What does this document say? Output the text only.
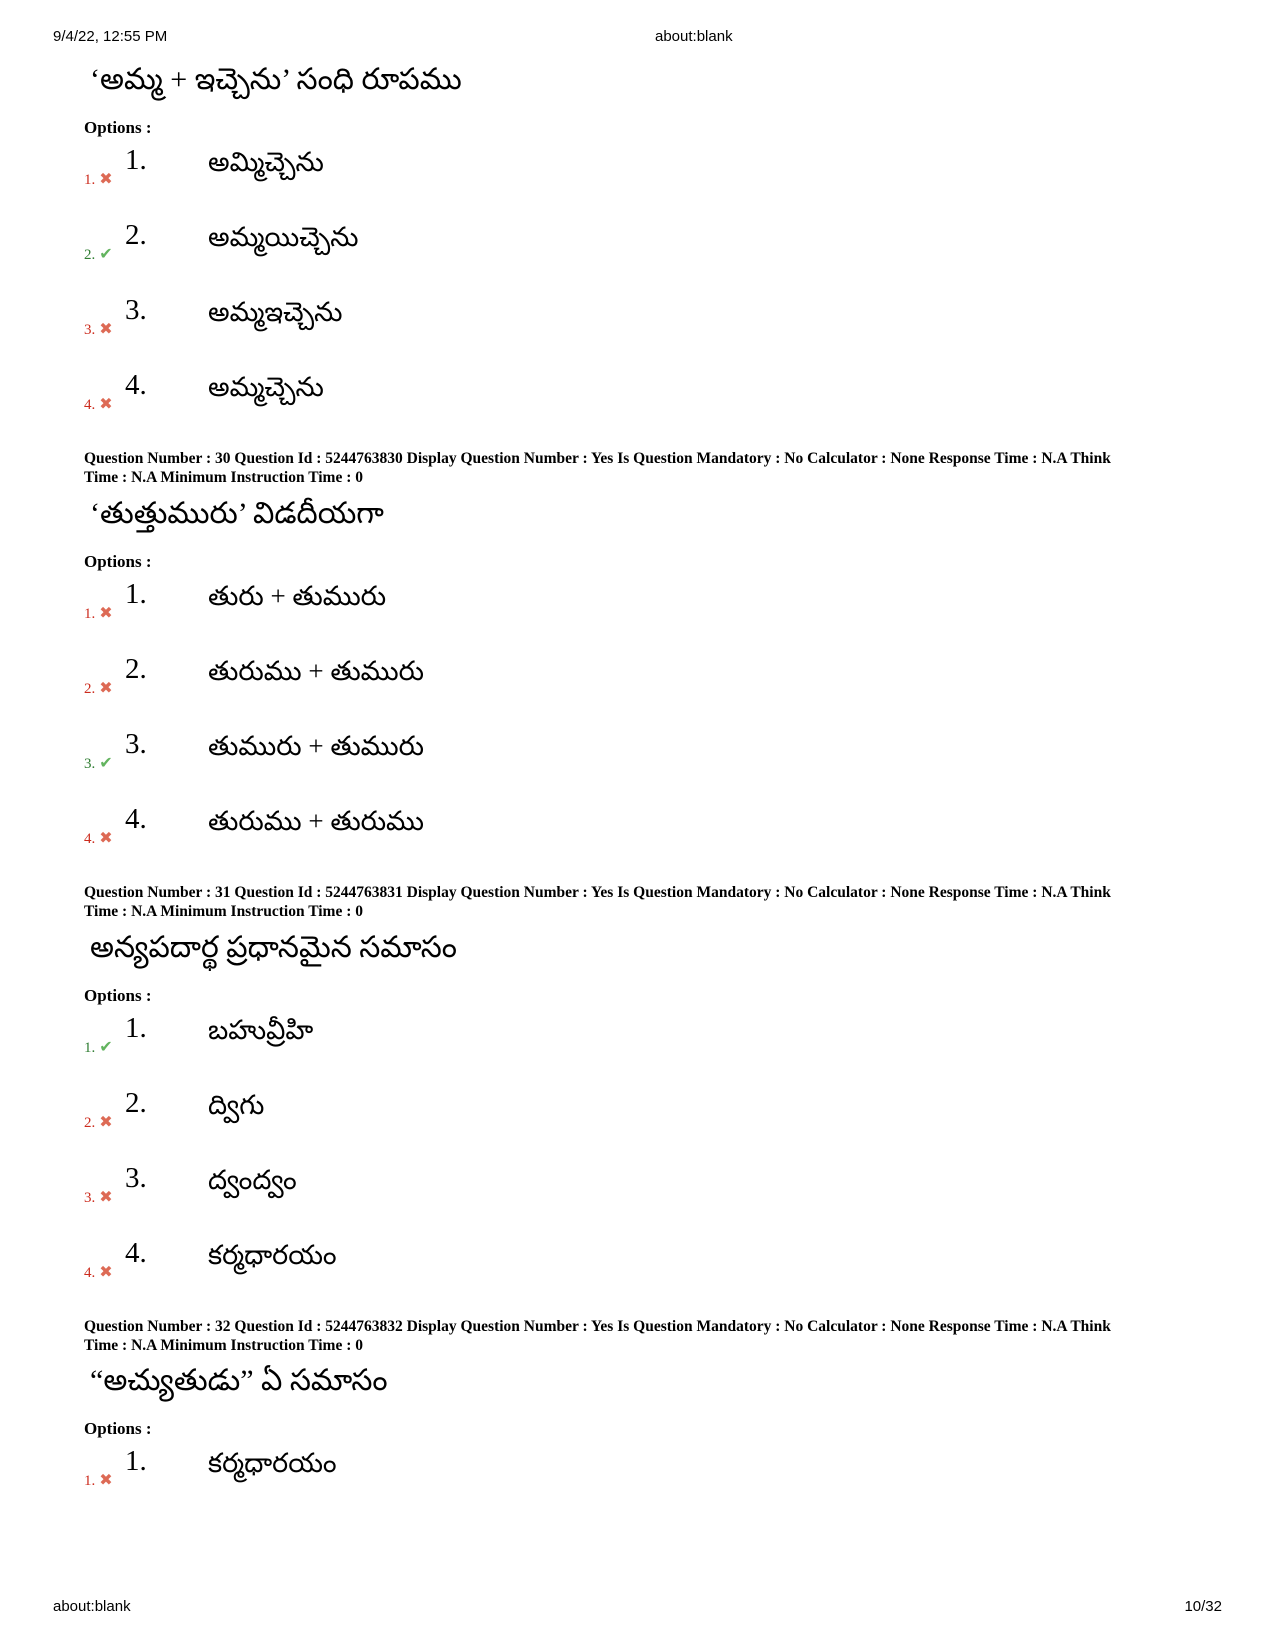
9/4/22, 12:55 PM	about:blank
‘అమ్మ + ఇచ్చెను’ సంధి రూపము
Options :
1. ✖
1. అమ్మిచ్చెను
2. ✔
2. అమ్మయిచ్చెను
3. ✖
3. అమ్మఇచ్చెను
4. ✖
4. అమ్మచ్చెను
Question Number : 30 Question Id : 5244763830 Display Question Number : Yes Is Question Mandatory : No Calculator : None Response Time : N.A Think
Time : N.A Minimum Instruction Time : 0
‘తుత్తుమురు’ విడదీయగా
Options :
1. ✖
1. తురు + తుమురు
2. ✖
2. తురుము + తుమురు
3. ✔
3. తుమురు + తుమురు
4. ✖
4. తురుము + తురుము
Question Number : 31 Question Id : 5244763831 Display Question Number : Yes Is Question Mandatory : No Calculator : None Response Time : N.A Think
Time : N.A Minimum Instruction Time : 0
అన్యపదార్థ ప్రధానమైన సమాసం
Options :
1. ✔
1. బహువ్రీహి
2. ✖
2. ద్విగు
3. ✖
3. ద్వంద్వం
4. ✖
4. కర్మధారయం
Question Number : 32 Question Id : 5244763832 Display Question Number : Yes Is Question Mandatory : No Calculator : None Response Time : N.A Think
Time : N.A Minimum Instruction Time : 0
“అచ్యుతుడు” ఏ సమాసం
Options :
1. ✖
1. కర్మధారయం
about:blank	10/32
